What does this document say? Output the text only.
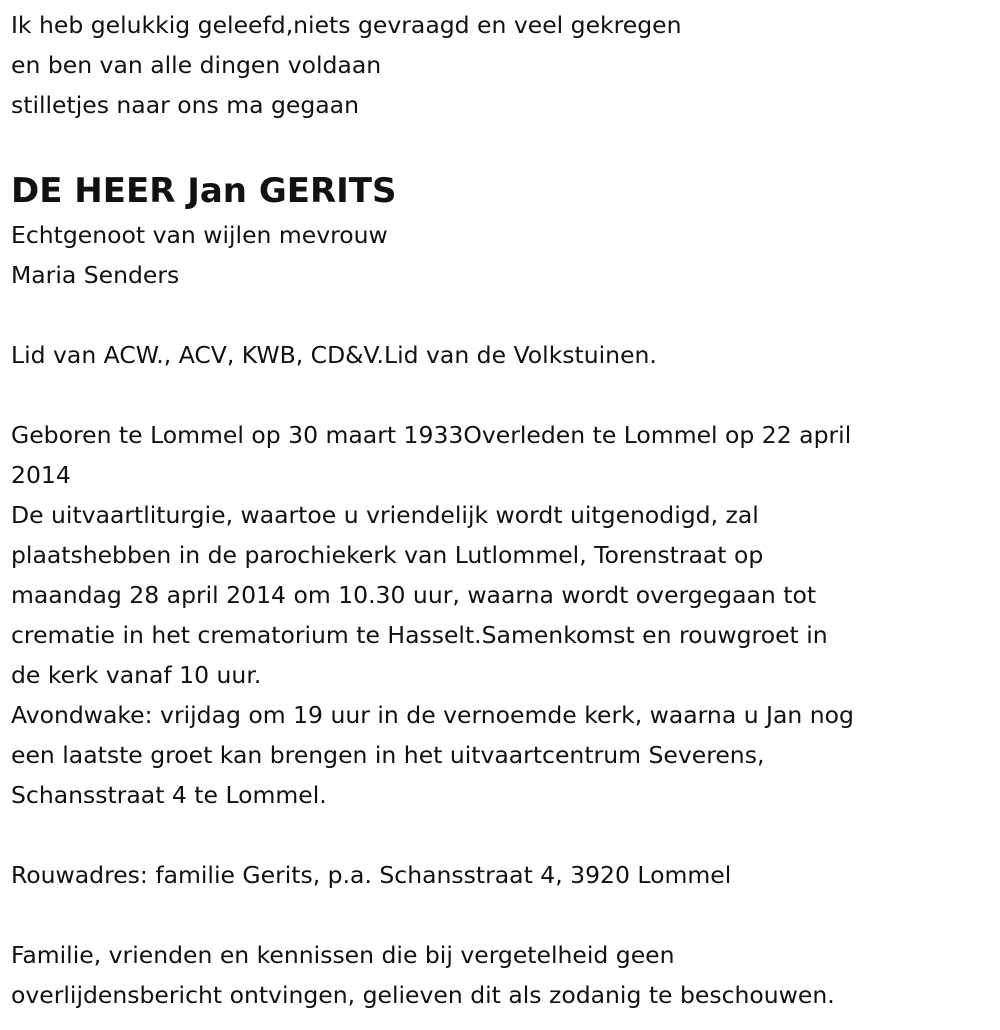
Ik heb gelukkig geleefd,niets gevraagd en veel gekregen
en ben van alle dingen voldaan
stilletjes naar ons ma gegaan
DE HEER Jan GERITS
Echtgenoot van wijlen mevrouw
Maria Senders
Lid van ACW., ACV, KWB, CD&V.Lid van de Volkstuinen.
Geboren te Lommel op 30 maart 1933Overleden te Lommel op 22 april
2014
De uitvaartliturgie, waartoe u vriendelijk wordt uitgenodigd, zal
plaatshebben in de parochiekerk van Lutlommel, Torenstraat op
maandag 28 april 2014 om 10.30 uur, waarna wordt overgegaan tot
crematie in het crematorium te Hasselt.Samenkomst en rouwgroet in
de kerk vanaf 10 uur.
Avondwake: vrijdag om 19 uur in de vernoemde kerk, waarna u Jan nog
een laatste groet kan brengen in het uitvaartcentrum Severens,
Schansstraat 4 te Lommel.
Rouwadres: familie Gerits, p.a. Schansstraat 4, 3920 Lommel
Familie, vrienden en kennissen die bij vergetelheid geen
overlijdensbericht ontvingen, gelieven dit als zodanig te beschouwen.
